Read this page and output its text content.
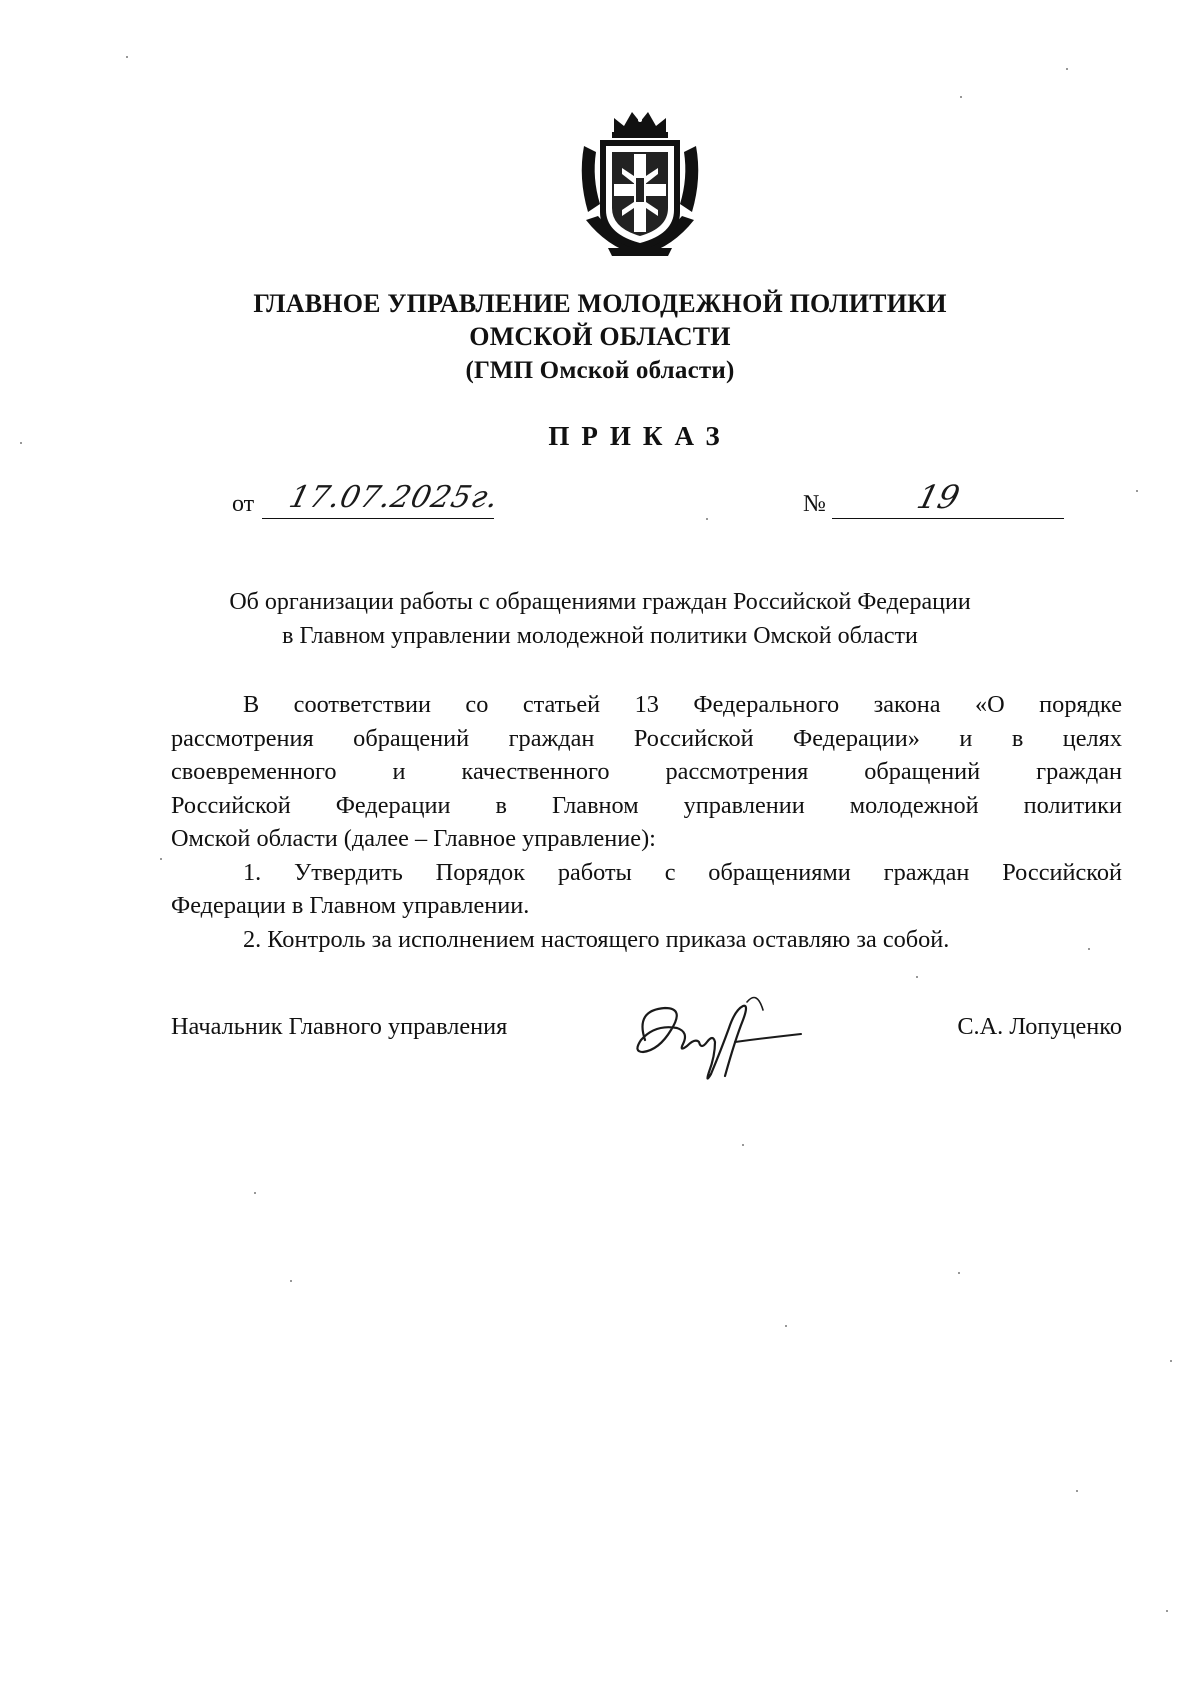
ГЛАВНОЕ УПРАВЛЕНИЕ МОЛОДЕЖНОЙ ПОЛИТИКИ
ОМСКОЙ ОБЛАСТИ
(ГМП Омской области)
ПРИКАЗ
от 17.07.2025г.	№	19
Об организации работы с обращениями граждан Российской Федерации
в Главном управлении молодежной политики Омской области
В соответствии со статьей 13 Федерального закона «О порядке
рассмотрения обращений граждан Российской Федерации» и в целях
своевременного и качественного рассмотрения обращений граждан
Российской Федерации в Главном управлении молодежной политики
Омской области (далее – Главное управление):
1. Утвердить Порядок работы с обращениями граждан Российской
Федерации в Главном управлении.
2. Контроль за исполнением настоящего приказа оставляю за собой.
Начальник Главного управления	С.А. Лопуценко
